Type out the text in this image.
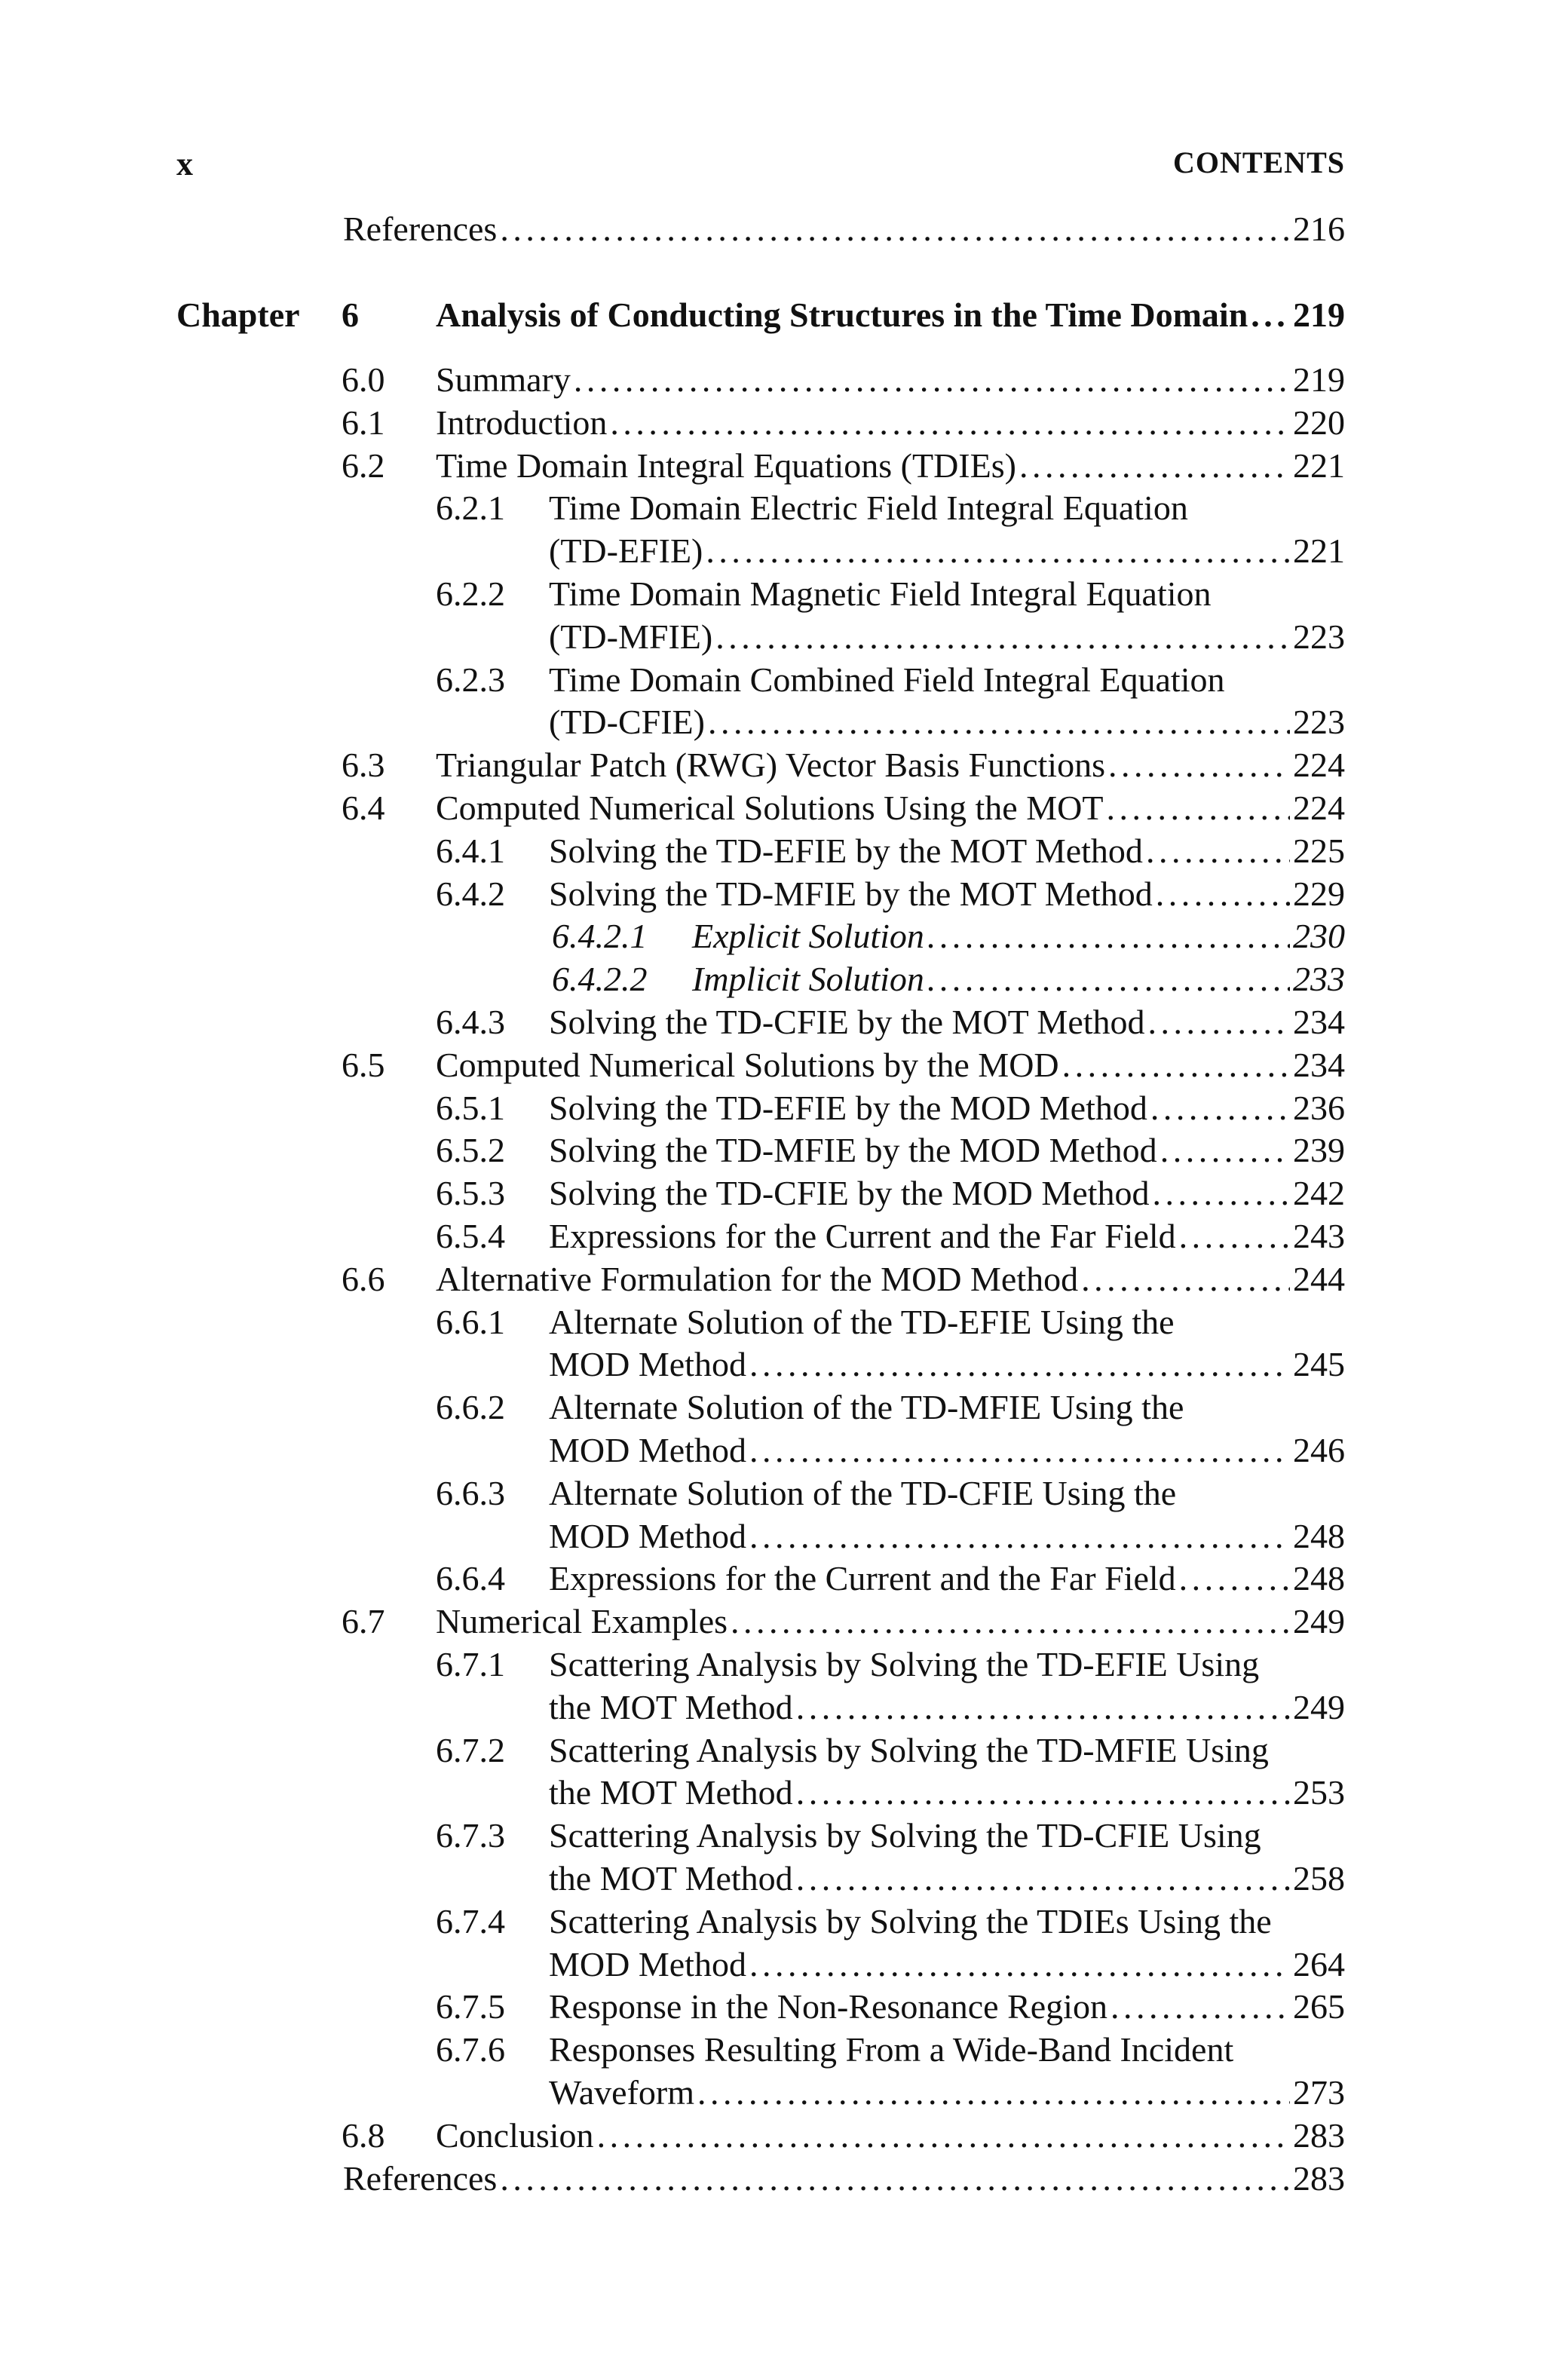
x	CONTENTS
References . . .	216
Chapter 6 Analysis of Conducting Structures in the Time Domain . . . 219
6.0 Summary . . .	219
6.1 Introduction . . .	220
6.2 Time Domain Integral Equations (TDIEs) . . .	221
6.2.1 Time Domain Electric Field Integral Equation
(TD-EFIE) . . .	221
6.2.2 Time Domain Magnetic Field Integral Equation
(TD-MFIE) . . .	223
6.2.3 Time Domain Combined Field Integral Equation
(TD-CFIE) . . .	223
6.3 Triangular Patch (RWG) Vector Basis Functions . . .	224
6.4 Computed Numerical Solutions Using the MOT . . .	224
6.4.1 Solving the TD-EFIE by the MOT Method . . .	225
6.4.2 Solving the TD-MFIE by the MOT Method . . .	229
6.4.2.1 Explicit Solution . . .	230
6.4.2.2 Implicit Solution . . .	233
6.4.3 Solving the TD-CFIE by the MOT Method . . .	234
6.5 Computed Numerical Solutions by the MOD . . .	234
6.5.1 Solving the TD-EFIE by the MOD Method . . .	236
6.5.2 Solving the TD-MFIE by the MOD Method . . .	239
6.5.3 Solving the TD-CFIE by the MOD Method . . .	242
6.5.4 Expressions for the Current and the Far Field . . .	243
6.6 Alternative Formulation for the MOD Method . . .	244
6.6.1 Alternate Solution of the TD-EFIE Using the
MOD Method . . .	245
6.6.2 Alternate Solution of the TD-MFIE Using the
MOD Method . . .	246
6.6.3 Alternate Solution of the TD-CFIE Using the
MOD Method . . .	248
6.6.4 Expressions for the Current and the Far Field . . .	248
6.7 Numerical Examples . . .	249
6.7.1 Scattering Analysis by Solving the TD-EFIE Using
the MOT Method . . .	249
6.7.2 Scattering Analysis by Solving the TD-MFIE Using
the MOT Method . . .	253
6.7.3 Scattering Analysis by Solving the TD-CFIE Using
the MOT Method . . .	258
6.7.4 Scattering Analysis by Solving the TDIEs Using the
MOD Method . . .	264
6.7.5 Response in the Non-Resonance Region . . .	265
6.7.6 Responses Resulting From a Wide-Band Incident
Waveform . . .	273
6.8 Conclusion . . .	283
References . . .	283
